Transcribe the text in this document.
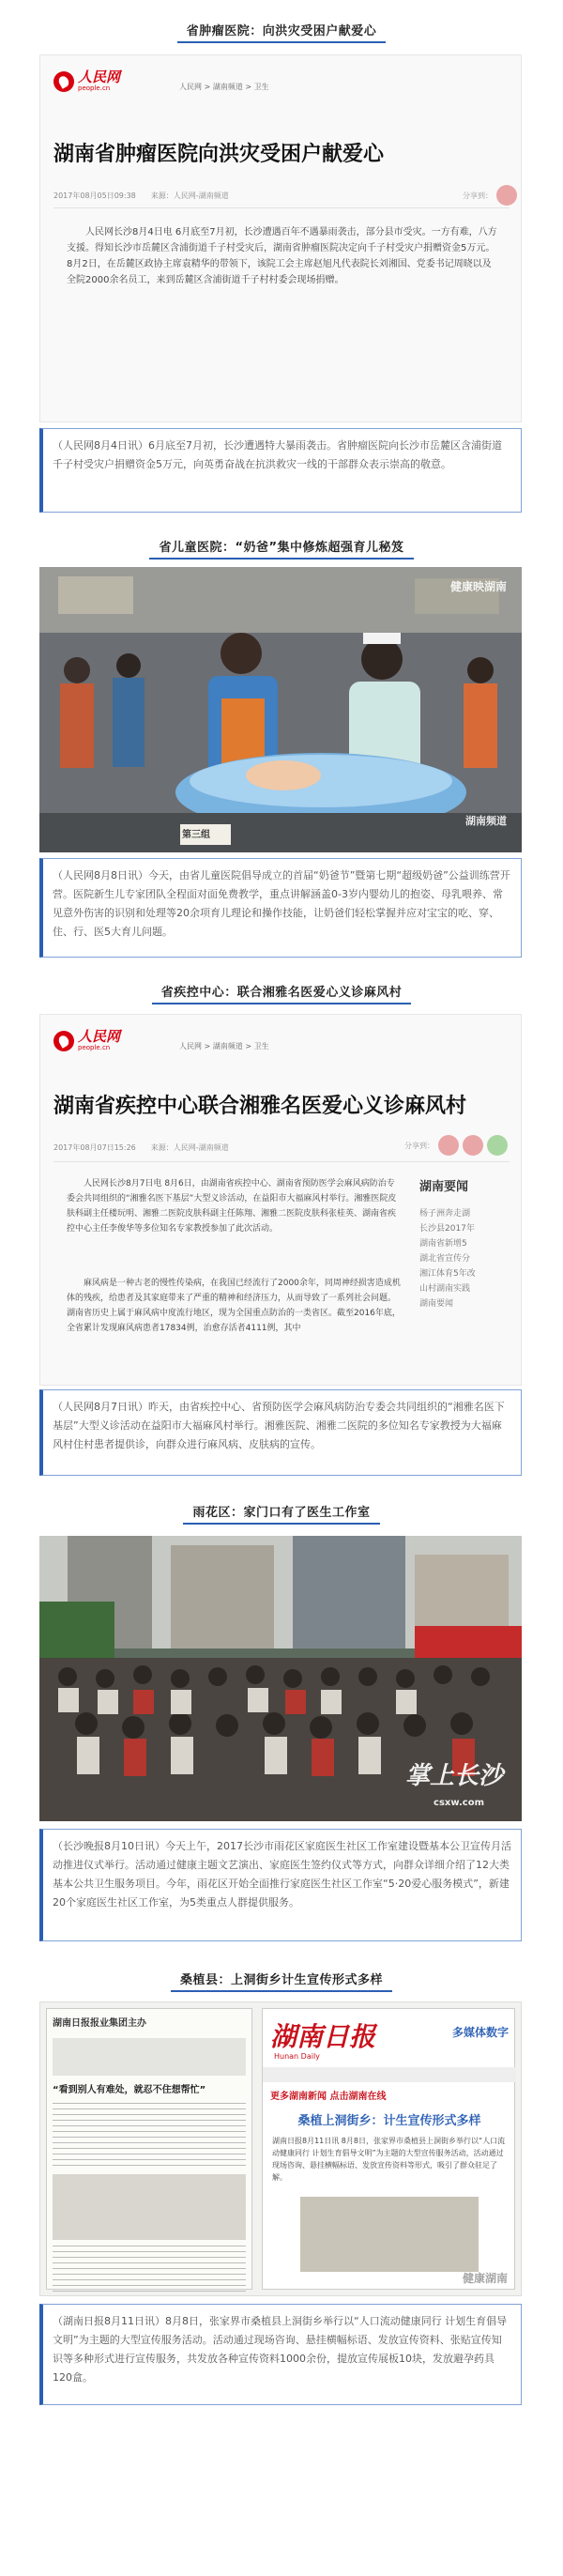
省肿瘤医院：向洪灾受困户献爱心
人民网
people.cn	人民网 > 湖南频道 > 卫生
湖南省肿瘤医院向洪灾受困户献爱心
2017年08月05日09:38　　来源：人民网-湖南频道	分享到：
人民网长沙8月4日电 6月底至7月初，长沙遭遇百年不遇暴雨袭击，部分县市受灾。一方有难，八方支援。得知长沙市岳麓区含浦街道千子村受灾后，湖南省肿瘤医院决定向千子村受灾户捐赠资金5万元。8月2日，在岳麓区政协主席袁精华的带领下，该院工会主席赵旭凡代表院长刘湘国、党委书记周晓以及全院2000余名员工，来到岳麓区含浦街道千子村村委会现场捐赠。
（人民网8月4日讯）6月底至7月初，长沙遭遇特大暴雨袭击。省肿瘤医院向长沙市岳麓区含浦街道千子村受灾户捐赠资金5万元，向英勇奋战在抗洪救灾一线的干部群众表示崇高的敬意。
省儿童医院：“奶爸”集中修炼超强育儿秘笈
第三组
健康映湖南
湖南频道
（人民网8月8日讯）今天，由省儿童医院倡导成立的首届“奶爸节”暨第七期“超级奶爸”公益训练营开营。医院新生儿专家团队全程面对面免费教学，重点讲解涵盖0-3岁内婴幼儿的抱姿、母乳喂养、常见意外伤害的识别和处理等20余项育儿理论和操作技能，让奶爸们轻松掌握并应对宝宝的吃、穿、住、行、医5大育儿问题。
省疾控中心：联合湘雅名医爱心义诊麻风村
人民网
people.cn	人民网 > 湖南频道 > 卫生
湖南省疾控中心联合湘雅名医爱心义诊麻风村
2017年08月07日15:26　　来源：人民网-湖南频道	分享到：
人民网长沙8月7日电 8月6日，由湖南省疾控中心、湖南省预防医学会麻风病防治专委会共同组织的“湘雅名医下基层”大型义诊活动，在益阳市大福麻风村举行。湘雅医院皮肤科副主任楼玩明、湘雅二医院皮肤科副主任陈翔、湘雅二医院皮肤科张桂英、湖南省疾控中心主任李俊华等多位知名专家教授参加了此次活动。
麻风病是一种古老的慢性传染病，在我国已经流行了2000余年，同周神经损害造成机体的残疾，给患者及其家庭带来了严重的精神和经济压力，从而导致了一系列社会问题。湖南省历史上属于麻风病中度流行地区，现为全国重点防治的一类省区。截至2016年底，全省累计发现麻风病患者17834例，治愈存活者4111例，其中
湖南要闻
杨子洲奔走湖
长沙县2017年
湖南省新增5
湖北省宣传分
湘江体育5年改
山村湖南实践
湖南要闻
（人民网8月7日讯）昨天，由省疾控中心、省预防医学会麻风病防治专委会共同组织的“湘雅名医下基层”大型义诊活动在益阳市大福麻风村举行。湘雅医院、湘雅二医院的多位知名专家教授为大福麻风村住村患者提供诊，向群众进行麻风病、皮肤病的宣传。
雨花区：家门口有了医生工作室
掌上长沙
csxw.com
（长沙晚报8月10日讯）今天上午，2017长沙市雨花区家庭医生社区工作室建设暨基本公卫宣传月活动推进仪式举行。活动通过健康主题文艺演出、家庭医生签约仪式等方式，向群众详细介绍了12大类基本公共卫生服务项目。今年，雨花区开始全面推行家庭医生社区工作室“5·20爱心服务模式”，新建20个家庭医生社区工作室，为5类重点人群提供服务。
桑植县：上洞街乡计生宣传形式多样
湖南日报报业集团主办
“看到别人有难处，就忍不住想帮忙”
湖南日报
Hunan Daily
多媒体数字
更多湖南新闻 点击湖南在线
桑植上洞街乡：计生宣传形式多样
湖南日报8月11日讯 8月8日，张家界市桑植县上洞街乡举行以“人口流动健康同行 计划生育倡导文明”为主题的大型宣传服务活动，活动通过现场咨询、悬挂横幅标语、发放宣传资料等形式，吸引了群众驻足了解。
健康湖南
（湖南日报8月11日讯）8月8日，张家界市桑植县上洞街乡举行以“人口流动健康同行 计划生育倡导文明”为主题的大型宣传服务活动。活动通过现场咨询、悬挂横幅标语、发放宣传资料、张贴宣传知识等多种形式进行宣传服务，共发放各种宣传资料1000余份，提放宣传展板10块，发放避孕药具120盒。
